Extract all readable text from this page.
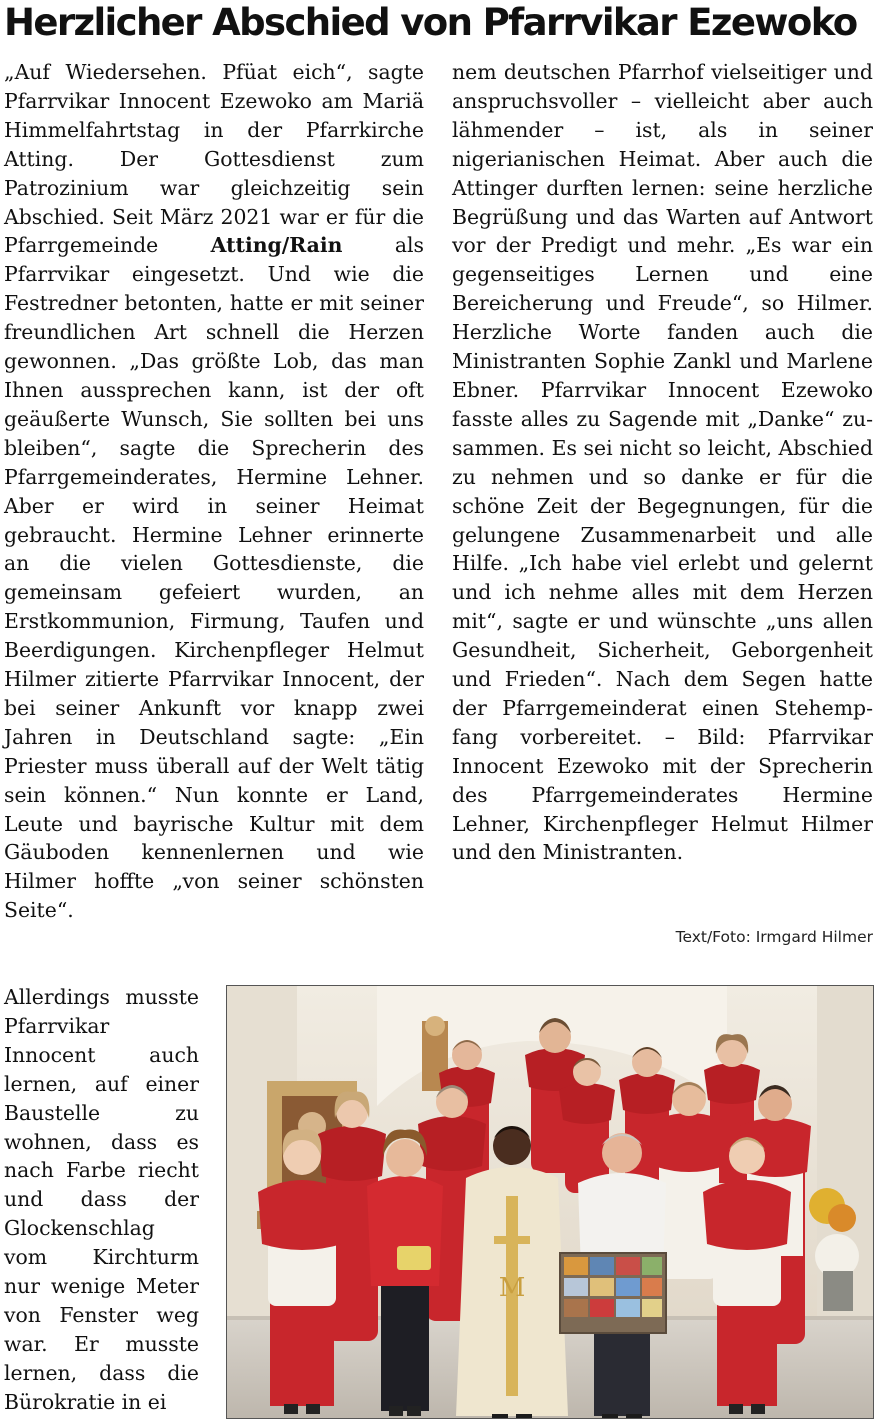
Herzlicher Abschied von Pfarrvikar Ezewoko

„Auf Wiedersehen. Pfüat eich“, sagte Pfarrvikar Innocent Ezewoko am Mariä Himmelfahrtstag in der Pfarrkirche Atting. Der Gottesdienst zum Patrozinium war gleichzeitig sein Abschied. Seit März 2021 war er für die Pfarrgemeinde Atting/Rain als Pfarrvikar eingesetzt. Und wie die Festredner betonten, hatte er mit seiner freundlichen Art schnell die Herzen gewonnen. „Das größte Lob, das man Ihnen aussprechen kann, ist der oft geäußerte Wunsch, Sie sollten bei uns bleiben“, sagte die Sprecherin des Pfarrgemeinderates, Hermine Lehner. Aber er wird in seiner Heimat gebraucht. Hermine Lehner erinnerte an die vielen Gottesdienste, die gemeinsam gefeiert wurden, an Erstkommunion, Firmung, Taufen und Beerdigungen. Kirchenpfleger Helmut Hilmer zitierte Pfarrvikar Innocent, der bei seiner Ankunft vor knapp zwei Jahren in Deutschland sagte: „Ein Priester muss überall auf der Welt tätig sein können.“ Nun konnte er Land, Leute und bayrische Kultur mit dem Gäuboden kennenlernen und wie Hilmer hoffte „von seiner schönsten Seite“.

Allerdings musste Pfarrvikar Innocent auch lernen, auf einer Baustelle zu wohnen, dass es nach Farbe riecht und dass der Glockenschlag vom Kirchturm nur wenige Meter von Fenster weg war. Er musste lernen, dass die Bürokratie in ei

nem deutschen Pfarrhof vielseitiger und anspruchsvoller – vielleicht aber auch lähmender – ist, als in seiner nigerianischen Heimat. Aber auch die Attinger durften lernen: seine herzliche Begrüßung und das Warten auf Antwort vor der Predigt und mehr. „Es war ein gegenseitiges Lernen und eine Bereicherung und Freude“, so Hilmer. Herzliche Worte fanden auch die Ministranten Sophie Zankl und Marlene Ebner. Pfarrvikar Innocent Ezewoko fasste alles zu Sagende mit „Danke“ zusammen. Es sei nicht so leicht, Abschied zu nehmen und so danke er für die schöne Zeit der Begegnungen, für die gelungene Zusammenarbeit und alle Hilfe. „Ich habe viel erlebt und gelernt und ich nehme alles mit dem Herzen mit“, sagte er und wünschte „uns allen Gesundheit, Sicherheit, Geborgenheit und Frieden“. Nach dem Segen hatte der Pfarrgemeinderat einen Stehempfang vorbereitet. – Bild: Pfarrvikar Innocent Ezewoko mit der Sprecherin des Pfarrgemeinderates Hermine Lehner, Kirchenpfleger Helmut Hilmer und den Ministranten.

Text/Foto: Irmgard Hilmer
M
